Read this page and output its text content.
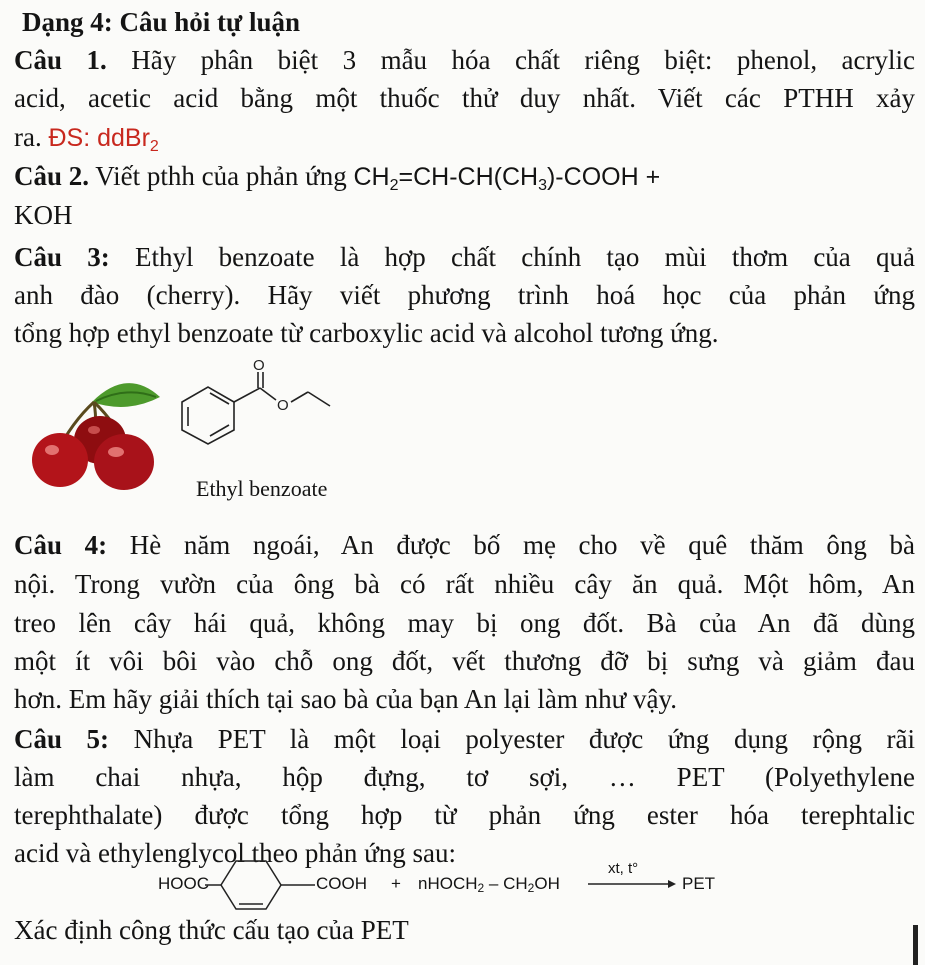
Dạng 4: Câu hỏi tự luận
Câu 1. Hãy phân biệt 3 mẫu hóa chất riêng biệt: phenol, acrylic
acid, acetic acid bằng một thuốc thử duy nhất. Viết các PTHH xảy
ra. ĐS: ddBr$_2$
Câu 2. Viết pthh của phản ứng $CH_2=CH-CH(CH_3)$-COOH +
KOH
Câu 3: Ethyl benzoate là hợp chất chính tạo mùi thơm của quả
anh đào (cherry). Hãy viết phương trình hoá học của phản ứng
tổng hợp ethyl benzoate từ carboxylic acid và alcohol tương ứng.
O
O
Ethyl benzoate
Câu 4: Hè năm ngoái, An được bố mẹ cho về quê thăm ông bà
nội. Trong vườn của ông bà có rất nhiều cây ăn quả. Một hôm, An
treo lên cây hái quả, không may bị ong đốt. Bà của An đã dùng
một ít vôi bôi vào chỗ ong đốt, vết thương đỡ bị sưng và giảm đau
hơn. Em hãy giải thích tại sao bà của bạn An lại làm như vậy.
Câu 5: Nhựa PET là một loại polyester được ứng dụng rộng rãi
làm chai nhựa, hộp đựng, tơ sợi, … PET (Polyethylene
terephthalate) được tổng hợp từ phản ứng ester hóa terephtalic
acid và ethylenglycol theo phản ứng sau:
HOOC	COOH + nHOCH$_2$ – $CH_2OH$
xt, t°
PET
Xác định công thức cấu tạo của PET
